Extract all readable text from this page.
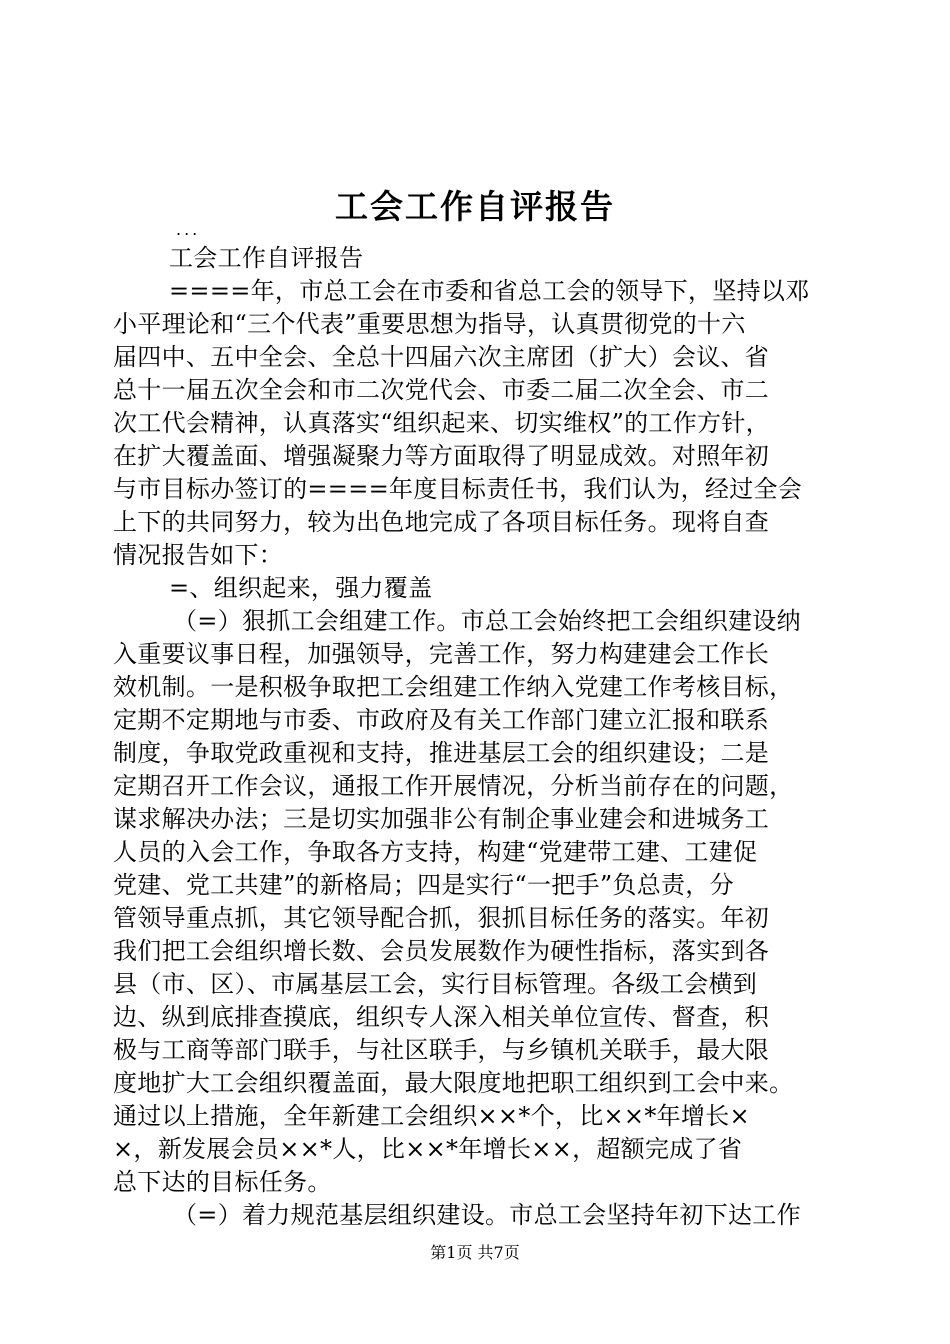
工会工作自评报告
...
工会工作自评报告
====年，市总工会在市委和省总工会的领导下，坚持以邓
小平理论和“三个代表”重要思想为指导，认真贯彻党的十六
届四中、五中全会、全总十四届六次主席团（扩大）会议、省
总十一届五次全会和市二次党代会、市委二届二次全会、市二
次工代会精神，认真落实“组织起来、切实维权”的工作方针，
在扩大覆盖面、增强凝聚力等方面取得了明显成效。对照年初
与市目标办签订的====年度目标责任书，我们认为，经过全会
上下的共同努力，较为出色地完成了各项目标任务。现将自查
情况报告如下：
=、组织起来，强力覆盖
（=）狠抓工会组建工作。市总工会始终把工会组织建设纳
入重要议事日程，加强领导，完善工作，努力构建建会工作长
效机制。一是积极争取把工会组建工作纳入党建工作考核目标，
定期不定期地与市委、市政府及有关工作部门建立汇报和联系
制度，争取党政重视和支持，推进基层工会的组织建设；二是
定期召开工作会议，通报工作开展情况，分析当前存在的问题，
谋求解决办法；三是切实加强非公有制企事业建会和进城务工
人员的入会工作，争取各方支持，构建“党建带工建、工建促
党建、党工共建”的新格局；四是实行“一把手”负总责，分
管领导重点抓，其它领导配合抓，狠抓目标任务的落实。年初
我们把工会组织增长数、会员发展数作为硬性指标，落实到各
县（市、区）、市属基层工会，实行目标管理。各级工会横到
边、纵到底排查摸底，组织专人深入相关单位宣传、督查，积
极与工商等部门联手，与社区联手，与乡镇机关联手，最大限
度地扩大工会组织覆盖面，最大限度地把职工组织到工会中来。
通过以上措施，全年新建工会组织××*个，比××*年增长×
×，新发展会员××*人，比××*年增长××，超额完成了省
总下达的目标任务。
（=）着力规范基层组织建设。市总工会坚持年初下达工作
第1页 共7页
